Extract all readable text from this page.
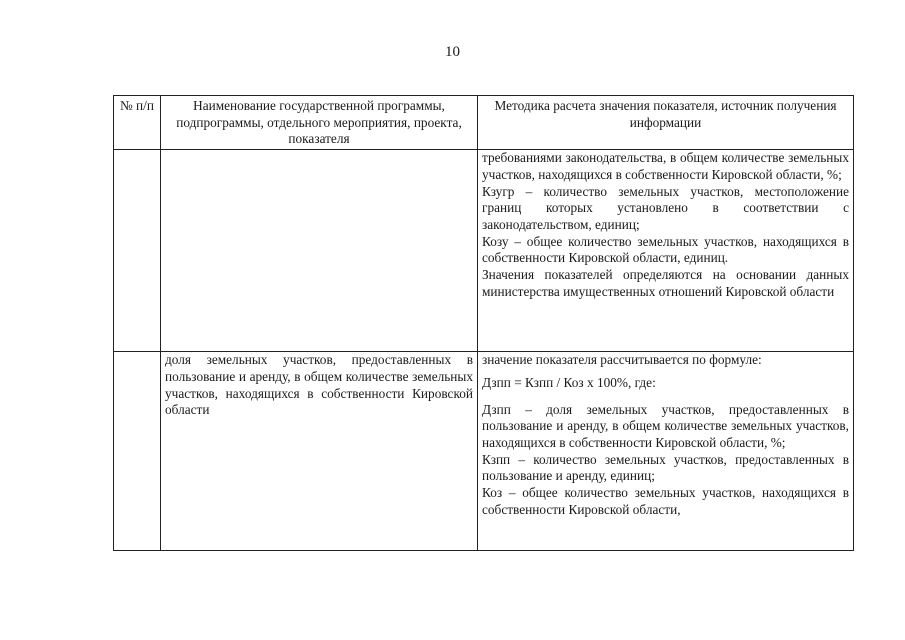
10
№ п/п	Наименование государственной программы, подпрограммы, отдельного мероприятия, проекта, показателя	Методика расчета значения показателя, источник получения информации

		требованиями законодательства, в общем количестве земельных участков, находящихся в собственности Кировской области, %;
Кзугр – количество земельных участков, местоположение границ которых установлено в соответствии с законодательством, единиц;
Козу – общее количество земельных участков, находящихся в собственности Кировской области, единиц.
Значения показателей определяются на основании данных министерства имущественных отношений Кировской области

	доля земельных участков, предоставленных в пользование и аренду, в общем количестве земельных участков, находящихся в собственности Кировской области	значение показателя рассчитывается по формуле:
Дзпп = Кзпп / Коз х 100%, где:
Дзпп – доля земельных участков, предоставленных в пользование и аренду, в общем количестве земельных участков, находящихся в собственности Кировской области, %;
Кзпп – количество земельных участков, предоставленных в пользование и аренду, единиц;
Коз – общее количество земельных участков, находящихся в собственности Кировской области,
